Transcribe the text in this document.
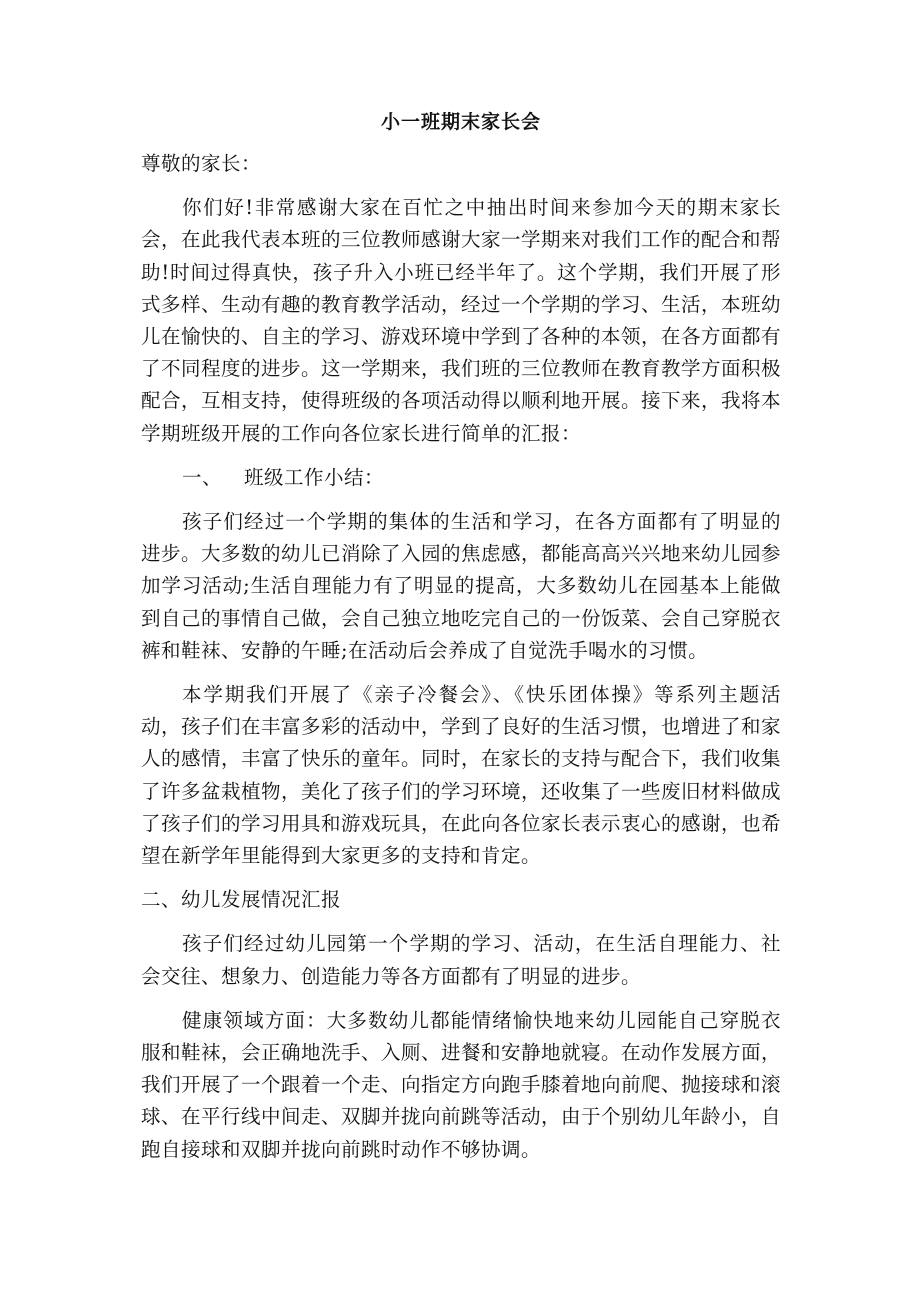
小一班期末家长会
尊敬的家长：
你们好!非常感谢大家在百忙之中抽出时间来参加今天的期末家长会，在此我代表本班的三位教师感谢大家一学期来对我们工作的配合和帮助!时间过得真快，孩子升入小班已经半年了。这个学期，我们开展了形式多样、生动有趣的教育教学活动，经过一个学期的学习、生活，本班幼儿在愉快的、自主的学习、游戏环境中学到了各种的本领，在各方面都有了不同程度的进步。这一学期来，我们班的三位教师在教育教学方面积极配合，互相支持，使得班级的各项活动得以顺利地开展。接下来，我将本学期班级开展的工作向各位家长进行简单的汇报：
一、 班级工作小结：
孩子们经过一个学期的集体的生活和学习，在各方面都有了明显的进步。大多数的幼儿已消除了入园的焦虑感，都能高高兴兴地来幼儿园参加学习活动;生活自理能力有了明显的提高，大多数幼儿在园基本上能做到自己的事情自己做，会自己独立地吃完自己的一份饭菜、会自己穿脱衣裤和鞋袜、安静的午睡;在活动后会养成了自觉洗手喝水的习惯。
本学期我们开展了《亲子冷餐会》、《快乐团体操》等系列主题活动，孩子们在丰富多彩的活动中，学到了良好的生活习惯，也增进了和家人的感情，丰富了快乐的童年。同时，在家长的支持与配合下，我们收集了许多盆栽植物，美化了孩子们的学习环境，还收集了一些废旧材料做成了孩子们的学习用具和游戏玩具，在此向各位家长表示衷心的感谢，也希望在新学年里能得到大家更多的支持和肯定。
二、幼儿发展情况汇报
孩子们经过幼儿园第一个学期的学习、活动，在生活自理能力、社会交往、想象力、创造能力等各方面都有了明显的进步。
健康领域方面：大多数幼儿都能情绪愉快地来幼儿园能自己穿脱衣服和鞋袜，会正确地洗手、入厕、进餐和安静地就寝。在动作发展方面，我们开展了一个跟着一个走、向指定方向跑手膝着地向前爬、抛接球和滚球、在平行线中间走、双脚并拢向前跳等活动，由于个别幼儿年龄小，自跑自接球和双脚并拢向前跳时动作不够协调。
